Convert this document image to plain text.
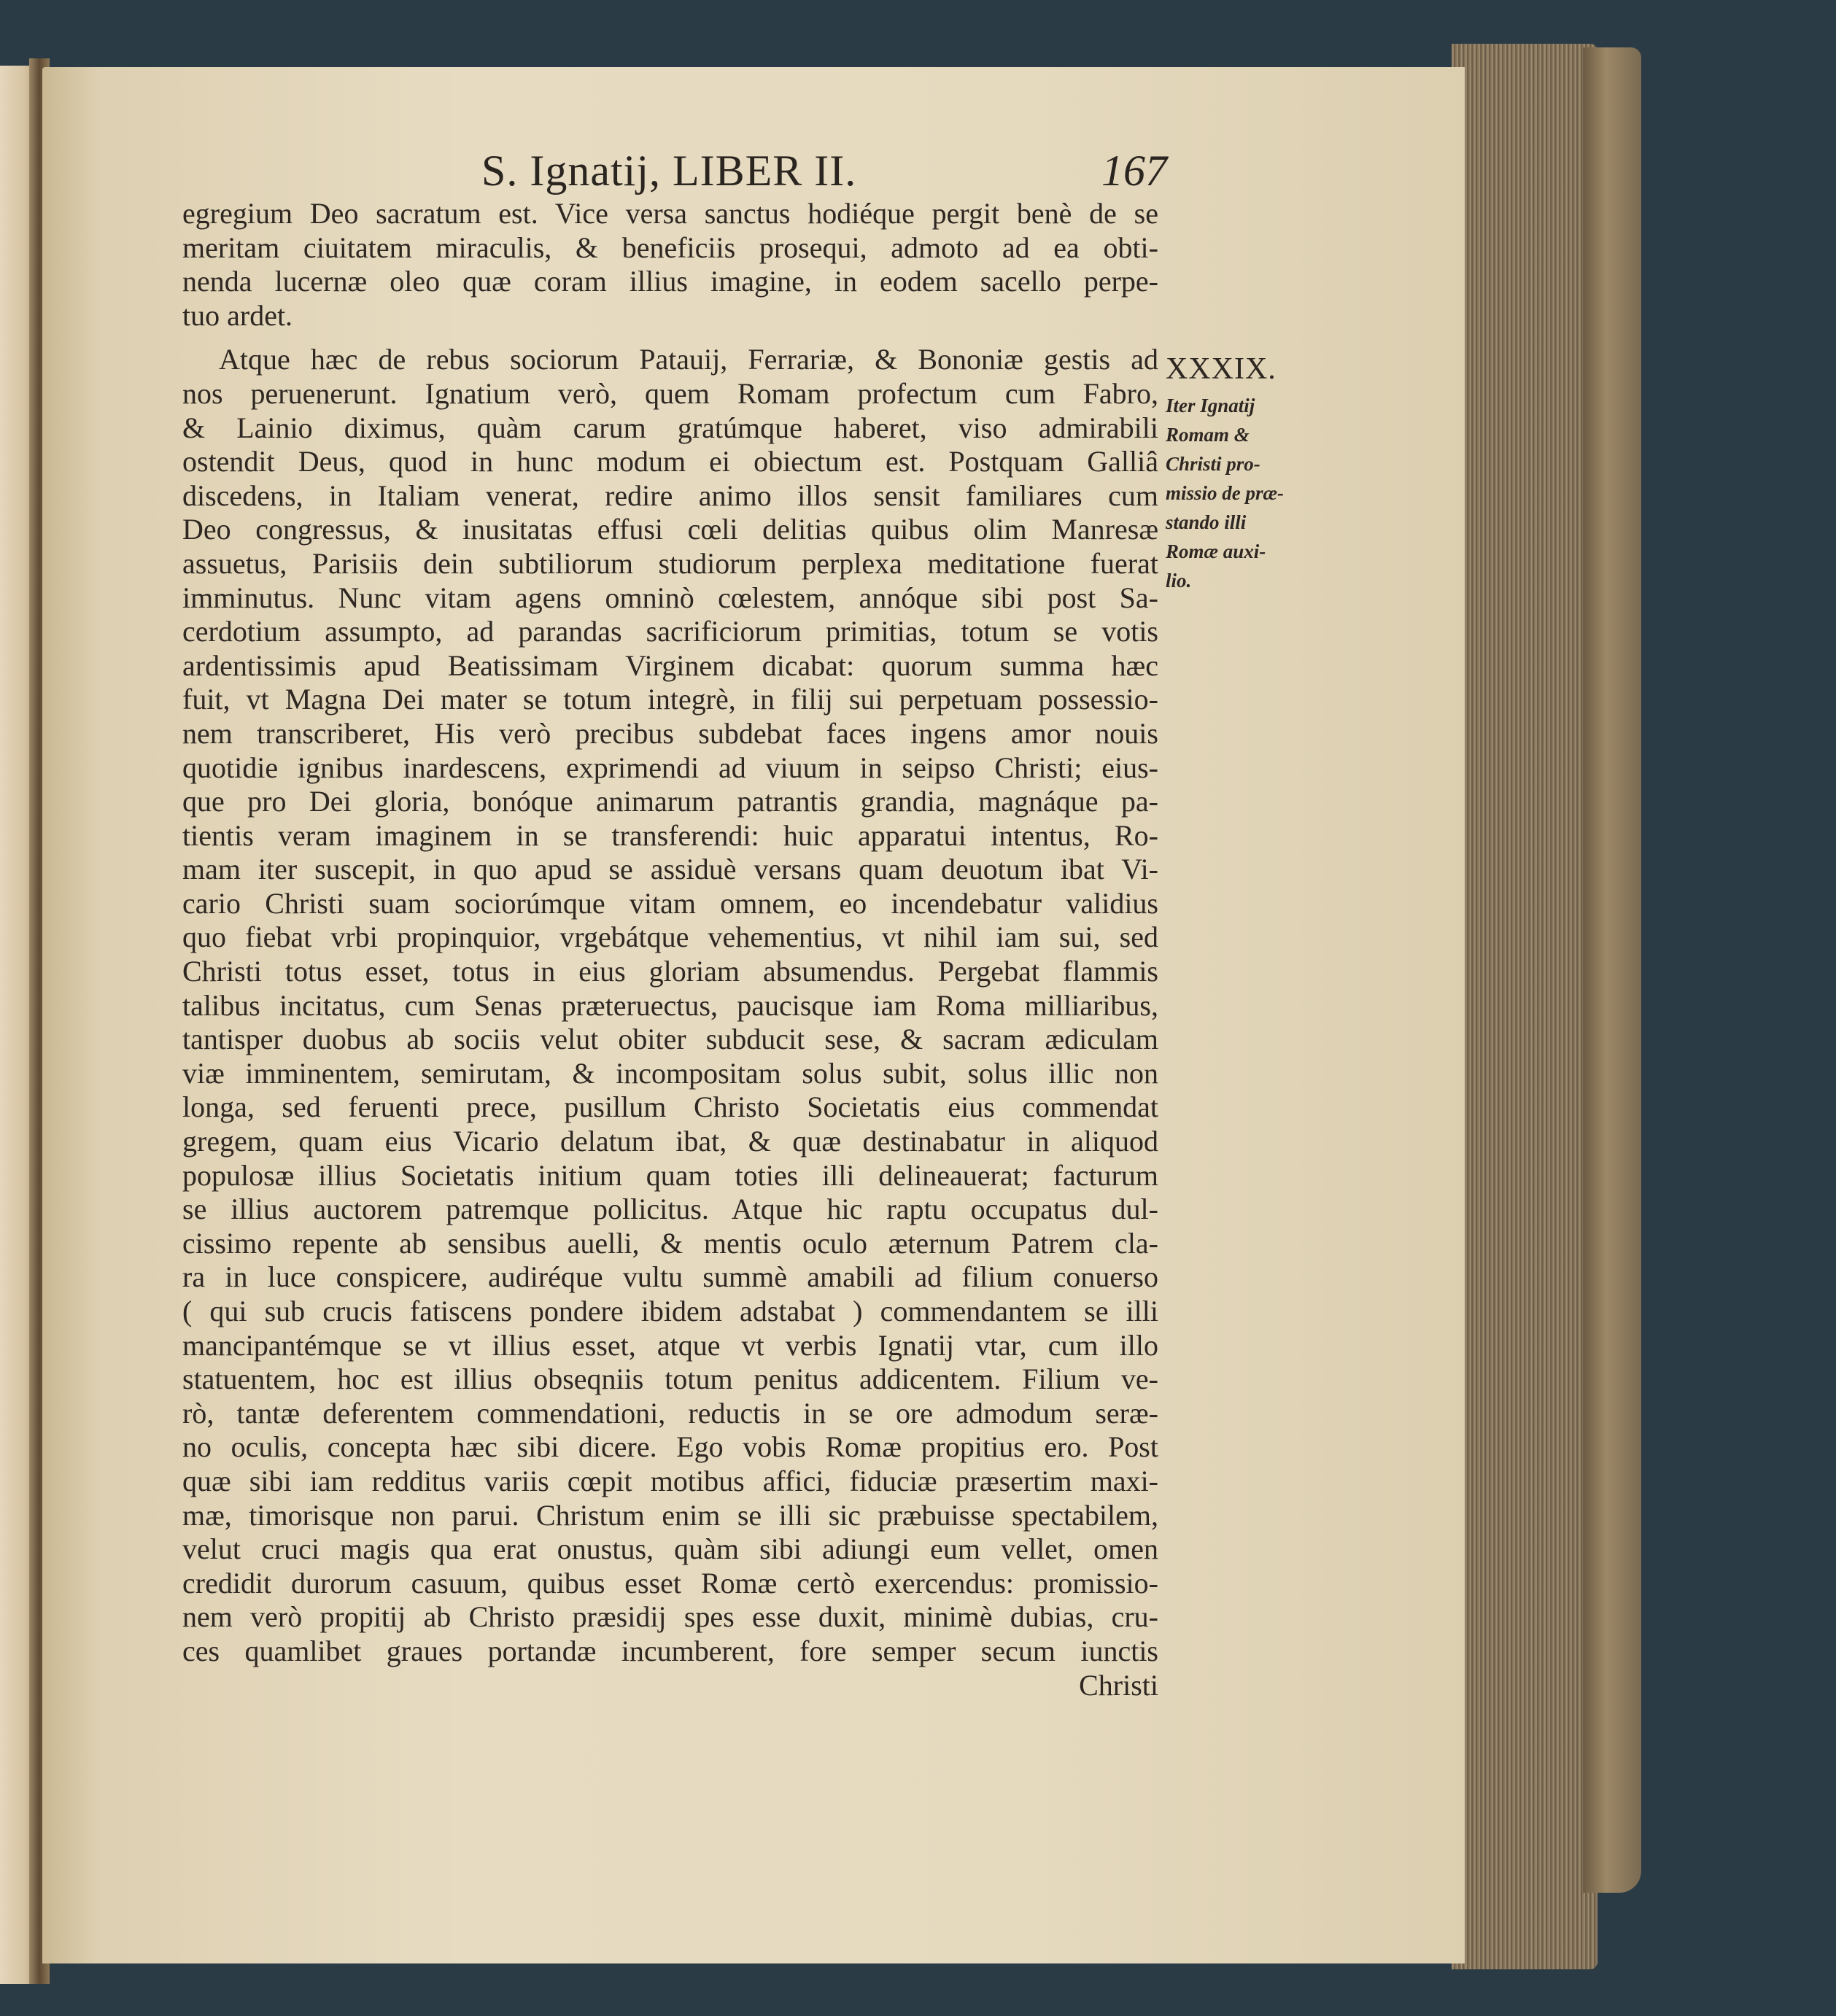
S. Ignatij, LIBER II.	167
egregium Deo sacratum est. Vice versa sanctus hodiéque pergit benè de se
meritam ciuitatem miraculis, & beneficiis prosequi, admoto ad ea obti-
nenda lucernæ oleo quæ coram illius imagine, in eodem sacello perpe-
tuo ardet.
Atque hæc de rebus sociorum Patauij, Ferrariæ, & Bononiæ gestis ad
nos peruenerunt. Ignatium verò, quem Romam profectum cum Fabro,
& Lainio diximus, quàm carum gratúmque haberet, viso admirabili
ostendit Deus, quod in hunc modum ei obiectum est. Postquam Galliâ
discedens, in Italiam venerat, redire animo illos sensit familiares cum
Deo congressus, & inusitatas effusi cœli delitias quibus olim Manresæ
assuetus, Parisiis dein subtiliorum studiorum perplexa meditatione fuerat
imminutus. Nunc vitam agens omninò cœlestem, annóque sibi post Sa-
cerdotium assumpto, ad parandas sacrificiorum primitias, totum se votis
ardentissimis apud Beatissimam Virginem dicabat: quorum summa hæc
fuit, vt Magna Dei mater se totum integrè, in filij sui perpetuam possessio-
nem transcriberet, His verò precibus subdebat faces ingens amor nouis
quotidie ignibus inardescens, exprimendi ad viuum in seipso Christi; eius-
que pro Dei gloria, bonóque animarum patrantis grandia, magnáque pa-
tientis veram imaginem in se transferendi: huic apparatui intentus, Ro-
mam iter suscepit, in quo apud se assiduè versans quam deuotum ibat Vi-
cario Christi suam sociorúmque vitam omnem, eo incendebatur validius
quo fiebat vrbi propinquior, vrgebátque vehementius, vt nihil iam sui, sed
Christi totus esset, totus in eius gloriam absumendus. Pergebat flammis
talibus incitatus, cum Senas præteruectus, paucisque iam Roma milliaribus,
tantisper duobus ab sociis velut obiter subducit sese, & sacram ædiculam
viæ imminentem, semirutam, & incompositam solus subit, solus illic non
longa, sed feruenti prece, pusillum Christo Societatis eius commendat
gregem, quam eius Vicario delatum ibat, & quæ destinabatur in aliquod
populosæ illius Societatis initium quam toties illi delineauerat; facturum
se illius auctorem patremque pollicitus. Atque hic raptu occupatus dul-
cissimo repente ab sensibus auelli, & mentis oculo æternum Patrem cla-
ra in luce conspicere, audiréque vultu summè amabili ad filium conuerso
( qui sub crucis fatiscens pondere ibidem adstabat ) commendantem se illi
mancipantémque se vt illius esset, atque vt verbis Ignatij vtar, cum illo
statuentem, hoc est illius obseqniis totum penitus addicentem. Filium ve-
rò, tantæ deferentem commendationi, reductis in se ore admodum seræ-
no oculis, concepta hæc sibi dicere. Ego vobis Romæ propitius ero. Post
quæ sibi iam redditus variis cœpit motibus affici, fiduciæ præsertim maxi-
mæ, timorisque non parui. Christum enim se illi sic præbuisse spectabilem,
velut cruci magis qua erat onustus, quàm sibi adiungi eum vellet, omen
credidit durorum casuum, quibus esset Romæ certò exercendus: promissio-
nem verò propitij ab Christo præsidij spes esse duxit, minimè dubias, cru-
ces quamlibet graues portandæ incumberent, fore semper secum iunctis
Christi
XXXIX.
Iter Ignatij
Romam &
Christi pro-
missio de præ-
stando illi
Romæ auxi-
lio.
